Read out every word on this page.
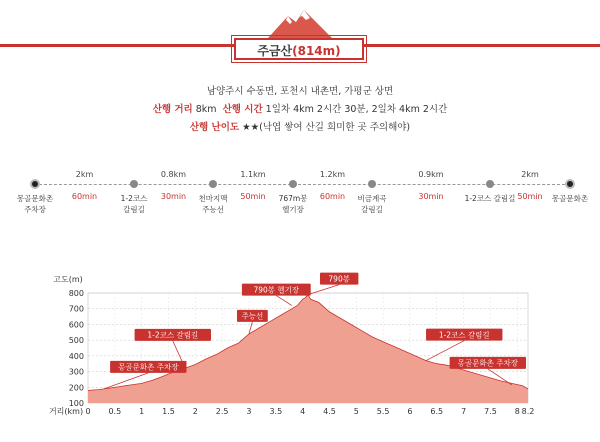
주금산(814m)
남양주시 수동면, 포천시 내촌면, 가평군 상면
산행 거리 8km 산행 시간 1일차 4km 2시간 30분, 2일차 4km 2시간
산행 난이도 ★★(낙엽 쌓여 산길 희미한 곳 주의해야)
몽골문화촌
주차장
1-2코스
갈림길
천마지맥
주능선
767m봉
헬기장
비금계곡
갈림길
1-2코스 갈림길	몽골문화촌
2km
60min
0.8km
30min
1.1km
50min
1.2km
60min
0.9km
30min
2km
50min
100
200
300
400
500
600
700
800
0 0.5 1 1.5 2 2.5 3 3.5 4 4.5 5 5.5 6 6.5 7 7.5 8 8.2
고도(m)
거리(km)
몽골문화촌 주차장
1-2코스 갈림길
주능선
790봉 헬기장
790봉
1-2코스 갈림길
몽골문화촌 주차장
